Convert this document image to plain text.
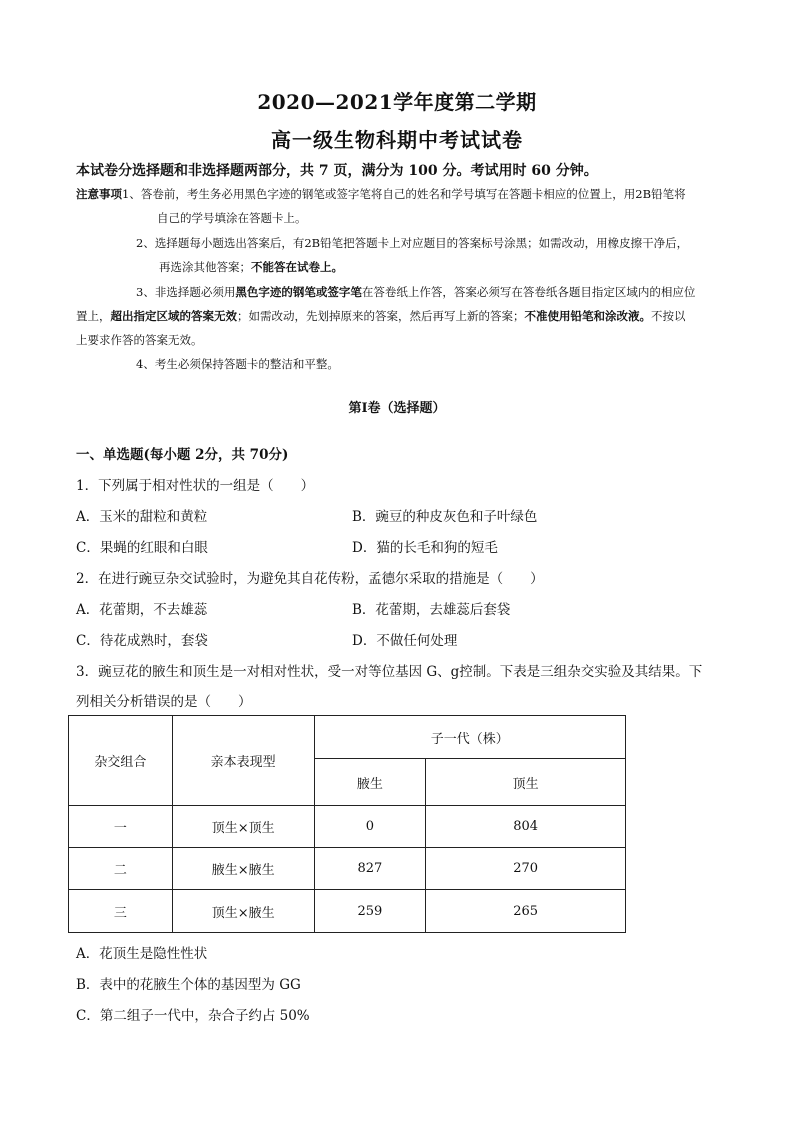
2020—2021学年度第二学期
高一级生物科期中考试试卷
本试卷分选择题和非选择题两部分，共 7 页，满分为 100 分。考试用时 60 分钟。
注意事项1、答卷前，考生务必用黑色字迹的钢笔或签字笔将自己的姓名和学号填写在答题卡相应的位置上，用2B铅笔将
自己的学号填涂在答题卡上。
2、选择题每小题选出答案后，有2B铅笔把答题卡上对应题目的答案标号涂黑；如需改动，用橡皮擦干净后，
再选涂其他答案；不能答在试卷上。
3、非选择题必须用黑色字迹的钢笔或签字笔在答卷纸上作答，答案必须写在答卷纸各题目指定区域内的相应位
置上，超出指定区域的答案无效；如需改动，先划掉原来的答案，然后再写上新的答案；不准使用铅笔和涂改液。不按以
上要求作答的答案无效。
4、考生必须保持答题卡的整洁和平整。
第Ⅰ卷（选择题）
一、单选题(每小题 2分，共 70分)
1．下列属于相对性状的一组是（　　）
A．玉米的甜粒和黄粒	B．豌豆的种皮灰色和子叶绿色
C．果蝇的红眼和白眼	D．猫的长毛和狗的短毛
2．在进行豌豆杂交试验时，为避免其自花传粉，孟德尔采取的措施是（　　）
A．花蕾期，不去雄蕊	B．花蕾期，去雄蕊后套袋
C．待花成熟时，套袋	D．不做任何处理
3．豌豆花的腋生和顶生是一对相对性状，受一对等位基因 G、g控制。下表是三组杂交实验及其结果。下
列相关分析错误的是（　　）
杂交组合	亲本表现型	子一代（株）	
		腋生	顶生
一	顶生×顶生	0	804
二	腋生×腋生	827	270
三	顶生×腋生	259	265
A．花顶生是隐性性状
B．表中的花腋生个体的基因型为 GG
C．第二组子一代中，杂合子约占 50%
